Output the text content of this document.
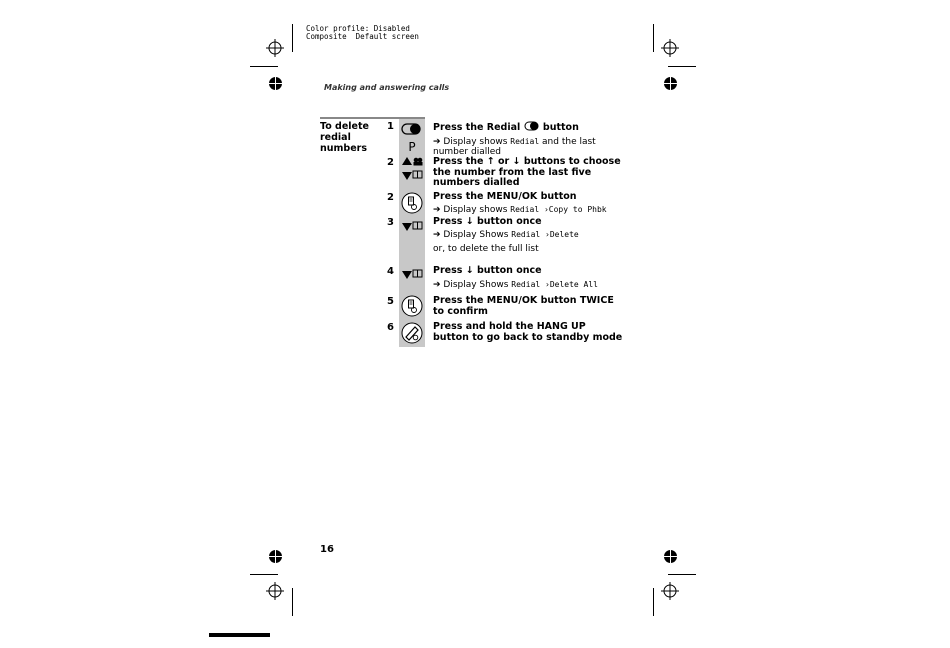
Color profile: Disabled
Composite  Default screen
Making and answering calls
To delete redial numbers	P
1
2
2
3
4
5
6
Press the Redial button
➔ Display shows Redial and the last number dialled
Press the ↑ or ↓ buttons to choose the number from the last five numbers dialled
Press the MENU/OK button
➔ Display shows Redial ›Copy to Phbk
Press ↓ button once
➔ Display Shows Redial ›Delete
or, to delete the full list
Press ↓ button once
➔ Display Shows Redial ›Delete All
Press the MENU/OK button TWICE to confirm
Press and hold the HANG UP button to go back to standby mode
16
